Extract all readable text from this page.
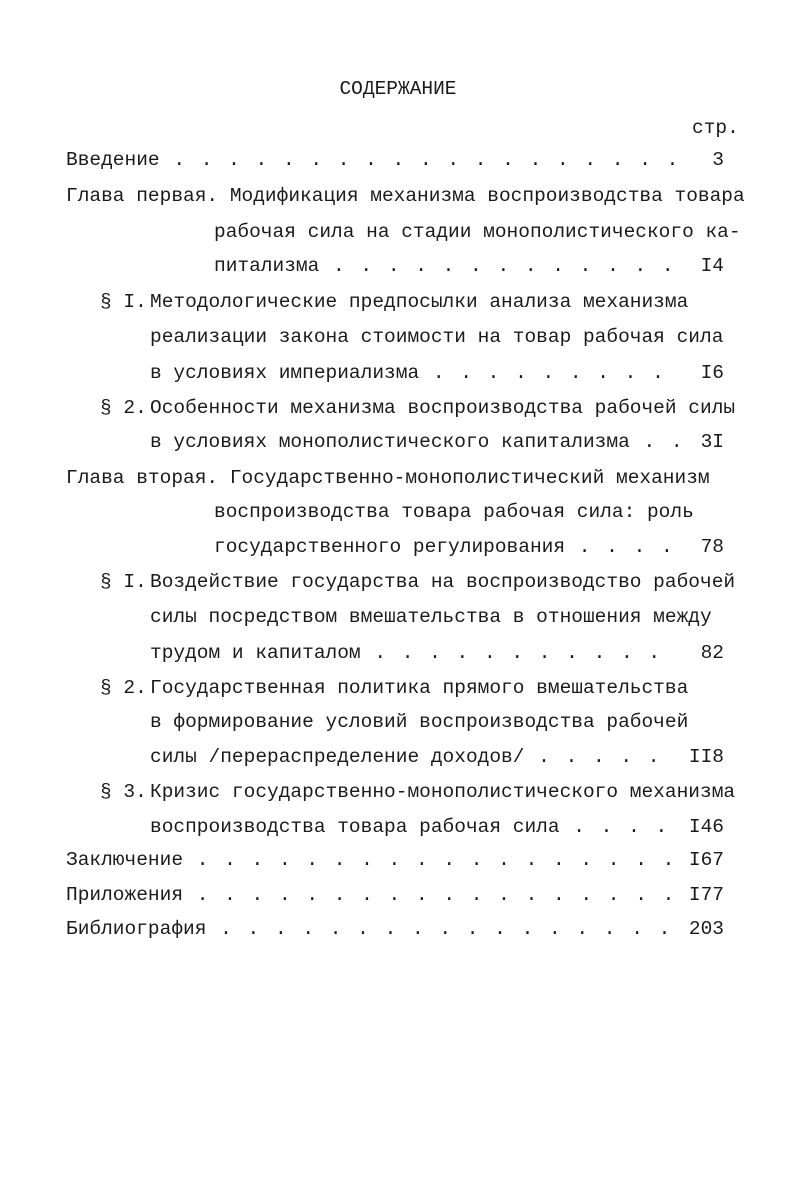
СОДЕРЖАНИЕ
стр.
Введение . . .	3
Глава первая. Модификация механизма воспроизводства товара
рабочая сила на стадии монополистического ка-
питализма . . .	I4
§ I. Методологические предпосылки анализа механизма
реализации закона стоимости на товар рабочая сила
в условиях империализма . . .	I6
§ 2. Особенности механизма воспроизводства рабочей силы
в условиях монополистического капитализма . . .	3I
Глава вторая. Государственно-монополистический механизм
воспроизводства товара рабочая сила: роль
государственного регулирования . . .	78
§ I. Воздействие государства на воспроизводство рабочей
силы посредством вмешательства в отношения между
трудом и капиталом . . .	82
§ 2. Государственная политика прямого вмешательства
в формирование условий воспроизводства рабочей
силы /перераспределение доходов/ . . .	II8
§ 3. Кризис государственно-монополистического механизма
воспроизводства товара рабочая сила . . .	I46
Заключение . . .	I67
Приложения . . .	I77
Библиография . . .	203
